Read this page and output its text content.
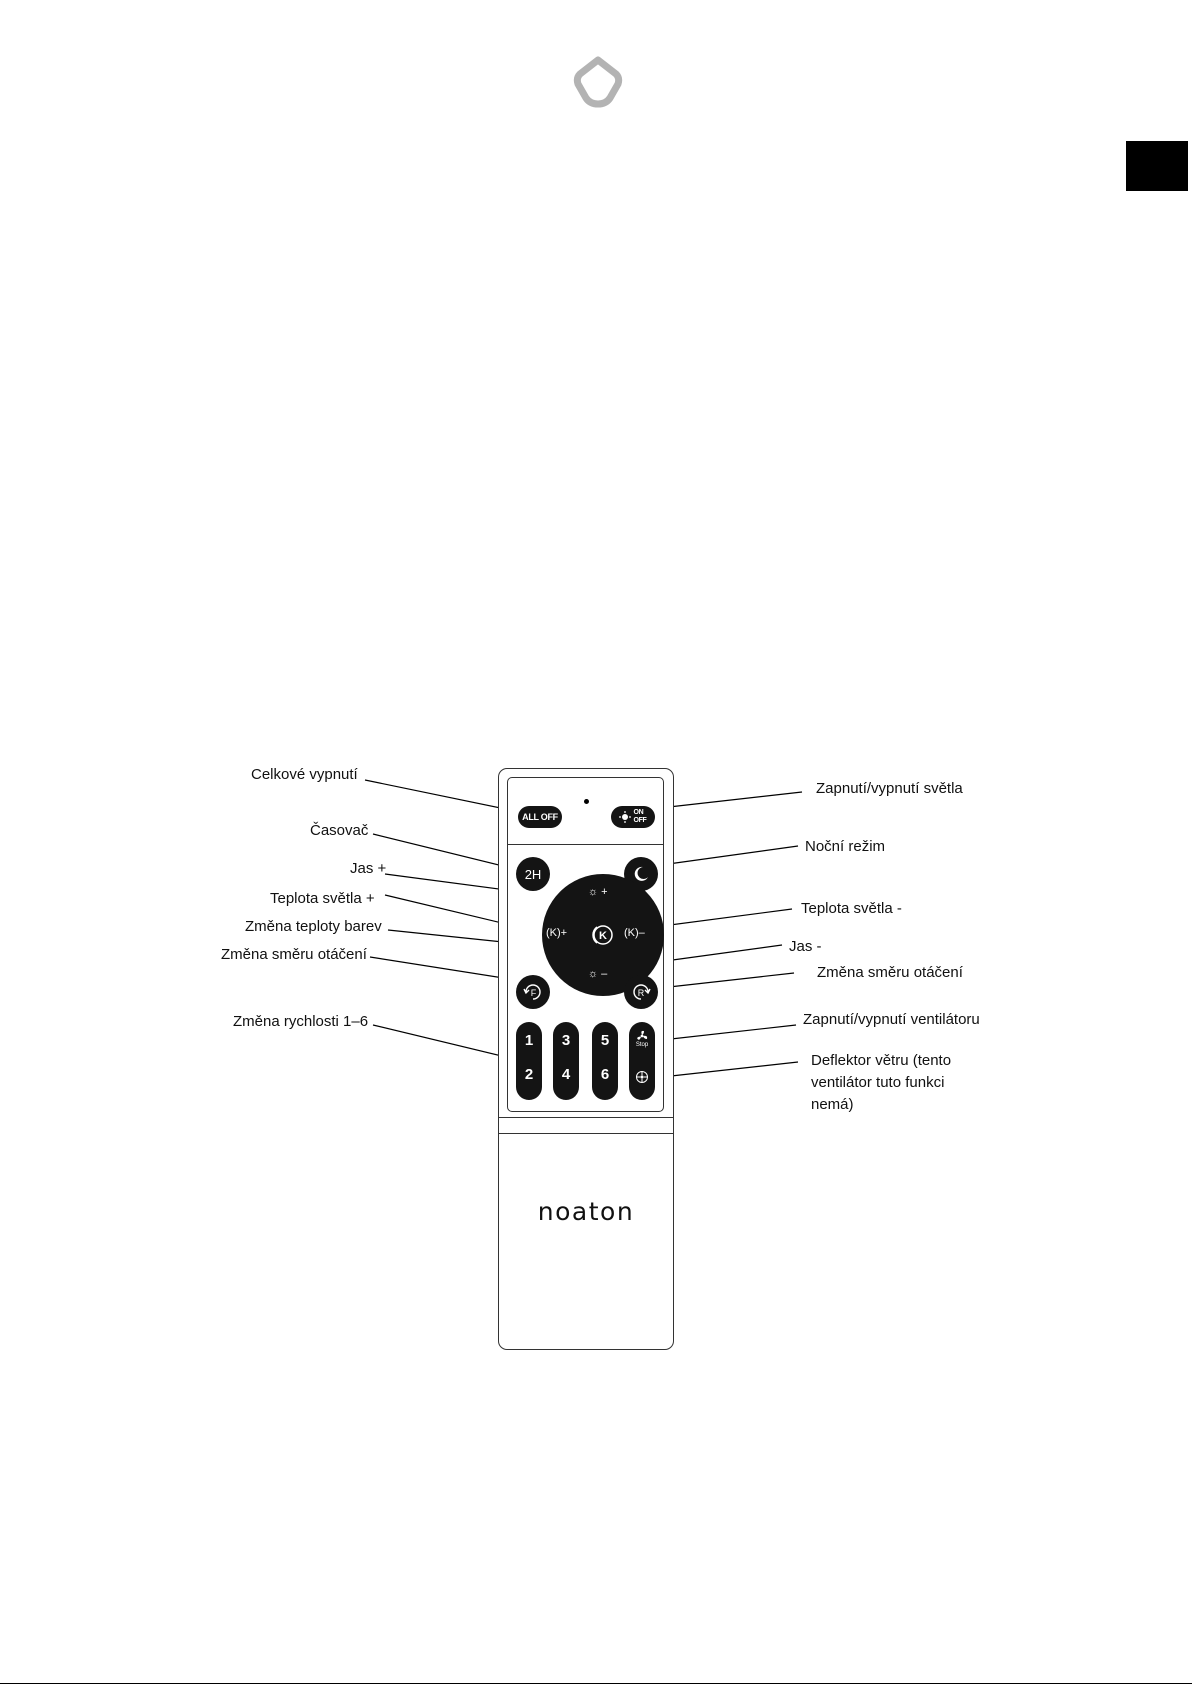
Celkové vypnutí
Zapnutí/vypnutí světla
Časovač
Noční režim
Jas +
Teplota světla +
Teplota světla -
Změna teploty barev
Jas -
Změna směru otáčení
Změna směru otáčení
Změna rychlosti 1–6	Zapnutí/vypnutí ventilátoru
Deflektor větru (tento ventilátor tuto funkci nemá)
ALL OFF	ON
OFF
2H
☼ +
(K)+	K (K)–
☼ –
F	R
1
2
3
4
5
6
Stop
noaton
